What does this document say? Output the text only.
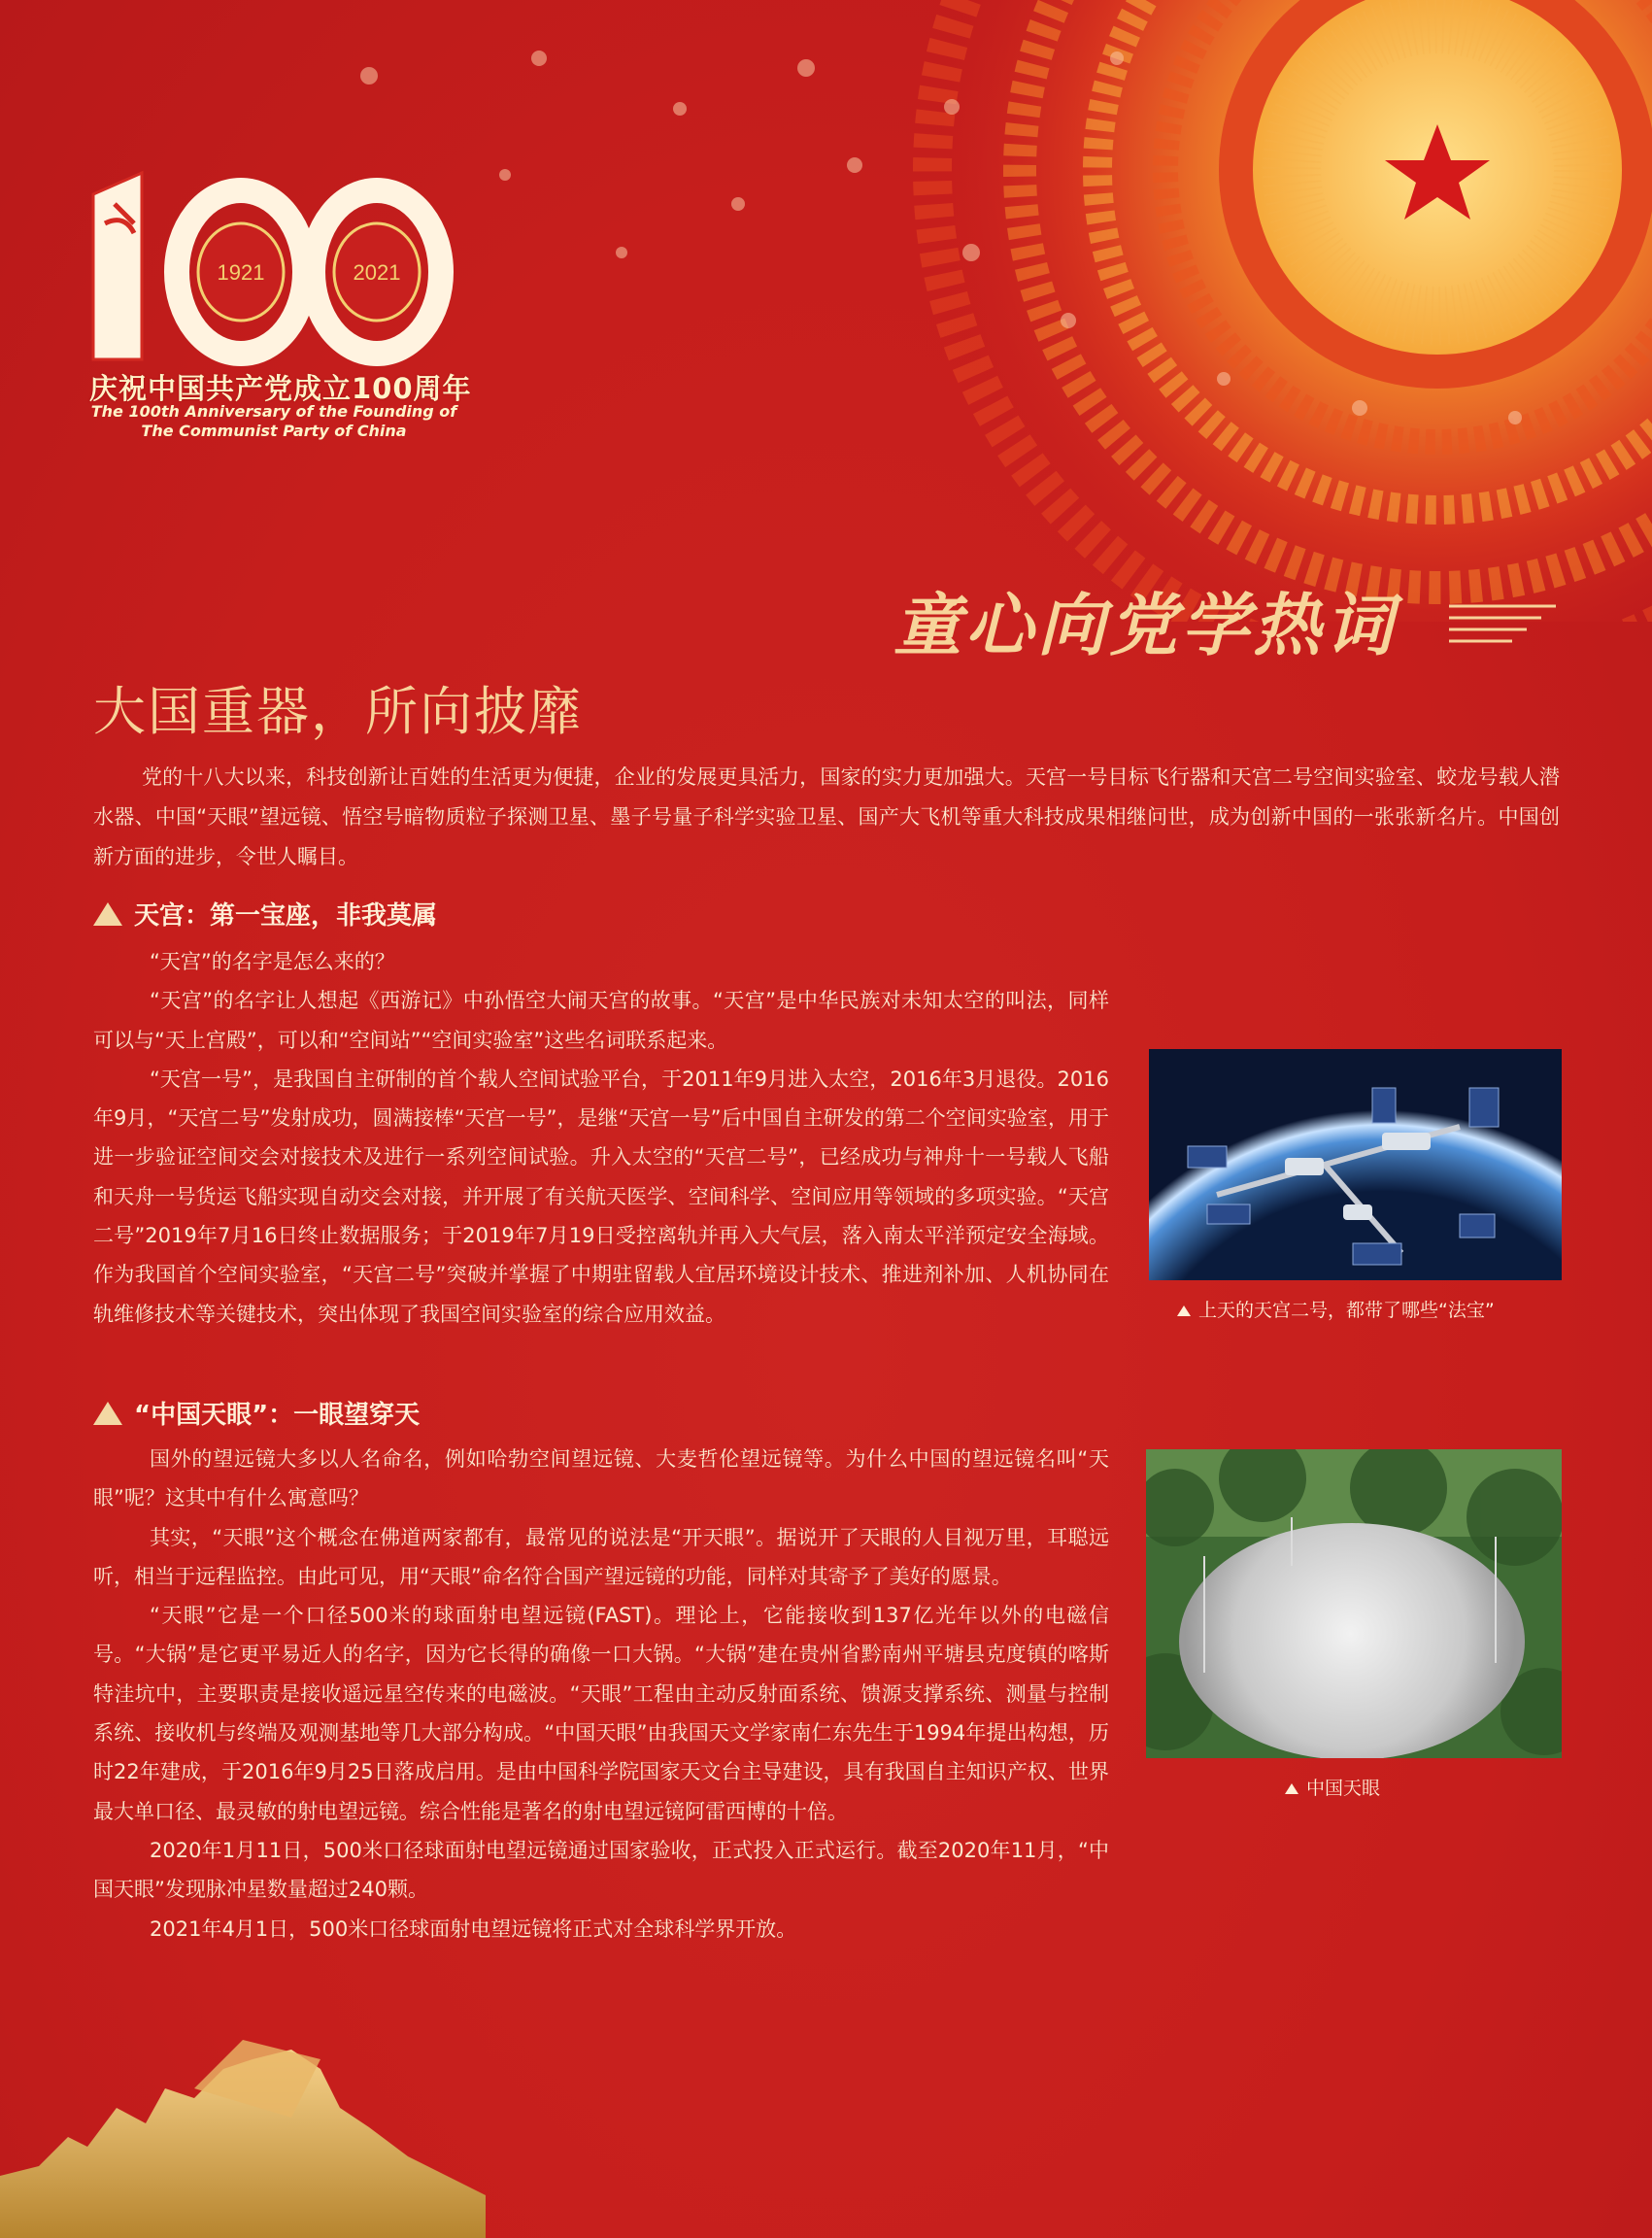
1921	2021
庆祝中国共产党成立100周年
The 100th Anniversary of the Founding of
The Communist Party of China
童心向党学热词
大国重器，所向披靡

党的十八大以来，科技创新让百姓的生活更为便捷，企业的发展更具活力，国家的实力更加强大。天宫一号目标飞行器和天宫二号空间实验室、蛟龙号载人潜水器、中国“天眼”望远镜、悟空号暗物质粒子探测卫星、墨子号量子科学实验卫星、国产大飞机等重大科技成果相继问世，成为创新中国的一张张新名片。中国创新方面的进步，令世人瞩目。

天宫：第一宝座，非我莫属

“天宫”的名字是怎么来的？

“天宫”的名字让人想起《西游记》中孙悟空大闹天宫的故事。“天宫”是中华民族对未知太空的叫法，同样可以与“天上宫殿”，可以和“空间站”“空间实验室”这些名词联系起来。

“天宫一号”，是我国自主研制的首个载人空间试验平台，于2011年9月进入太空，2016年3月退役。2016年9月，“天宫二号”发射成功，圆满接棒“天宫一号”，是继“天宫一号”后中国自主研发的第二个空间实验室，用于进一步验证空间交会对接技术及进行一系列空间试验。升入太空的“天宫二号”，已经成功与神舟十一号载人飞船和天舟一号货运飞船实现自动交会对接，并开展了有关航天医学、空间科学、空间应用等领域的多项实验。“天宫二号”2019年7月16日终止数据服务；于2019年7月19日受控离轨并再入大气层，落入南太平洋预定安全海域。作为我国首个空间实验室，“天宫二号”突破并掌握了中期驻留载人宜居环境设计技术、推进剂补加、人机协同在轨维修技术等关键技术，突出体现了我国空间实验室的综合应用效益。	上天的天宫二号，都带了哪些“法宝”
“中国天眼”：一眼望穿天

国外的望远镜大多以人名命名，例如哈勃空间望远镜、大麦哲伦望远镜等。为什么中国的望远镜名叫“天眼”呢？这其中有什么寓意吗？

其实，“天眼”这个概念在佛道两家都有，最常见的说法是“开天眼”。据说开了天眼的人目视万里，耳聪远听，相当于远程监控。由此可见，用“天眼”命名符合国产望远镜的功能，同样对其寄予了美好的愿景。

“天眼”它是一个口径500米的球面射电望远镜(FAST)。理论上，它能接收到137亿光年以外的电磁信号。“大锅”是它更平易近人的名字，因为它长得的确像一口大锅。“大锅”建在贵州省黔南州平塘县克度镇的喀斯特洼坑中，主要职责是接收遥远星空传来的电磁波。“天眼”工程由主动反射面系统、馈源支撑系统、测量与控制系统、接收机与终端及观测基地等几大部分构成。“中国天眼”由我国天文学家南仁东先生于1994年提出构想，历时22年建成，于2016年9月25日落成启用。是由中国科学院国家天文台主导建设，具有我国自主知识产权、世界最大单口径、最灵敏的射电望远镜。综合性能是著名的射电望远镜阿雷西博的十倍。

2020年1月11日，500米口径球面射电望远镜通过国家验收，正式投入正式运行。截至2020年11月，“中国天眼”发现脉冲星数量超过240颗。

2021年4月1日，500米口径球面射电望远镜将正式对全球科学界开放。

中国天眼
